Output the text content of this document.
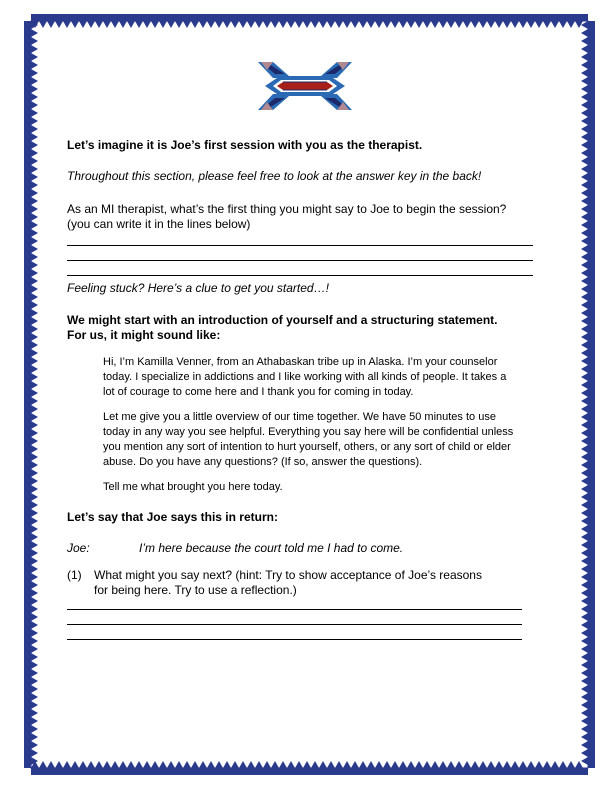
Let’s imagine it is Joe’s first session with you as the therapist.
Throughout this section, please feel free to look at the answer key in the back!
As an MI therapist, what’s the first thing you might say to Joe to begin the session?
(you can write it in the lines below)
Feeling stuck? Here’s a clue to get you started…!
We might start with an introduction of yourself and a structuring statement.
For us, it might sound like:
Hi, I’m Kamilla Venner, from an Athabaskan tribe up in Alaska. I’m your counselor
today. I specialize in addictions and I like working with all kinds of people. It takes a
lot of courage to come here and I thank you for coming in today.
Let me give you a little overview of our time together. We have 50 minutes to use
today in any way you see helpful. Everything you say here will be confidential unless
you mention any sort of intention to hurt yourself, others, or any sort of child or elder
abuse. Do you have any questions? (If so, answer the questions).
Tell me what brought you here today.
Let’s say that Joe says this in return:
Joe:	I’m here because the court told me I had to come.
(1) What might you say next? (hint: Try to show acceptance of Joe’s reasons
for being here. Try to use a reflection.)
